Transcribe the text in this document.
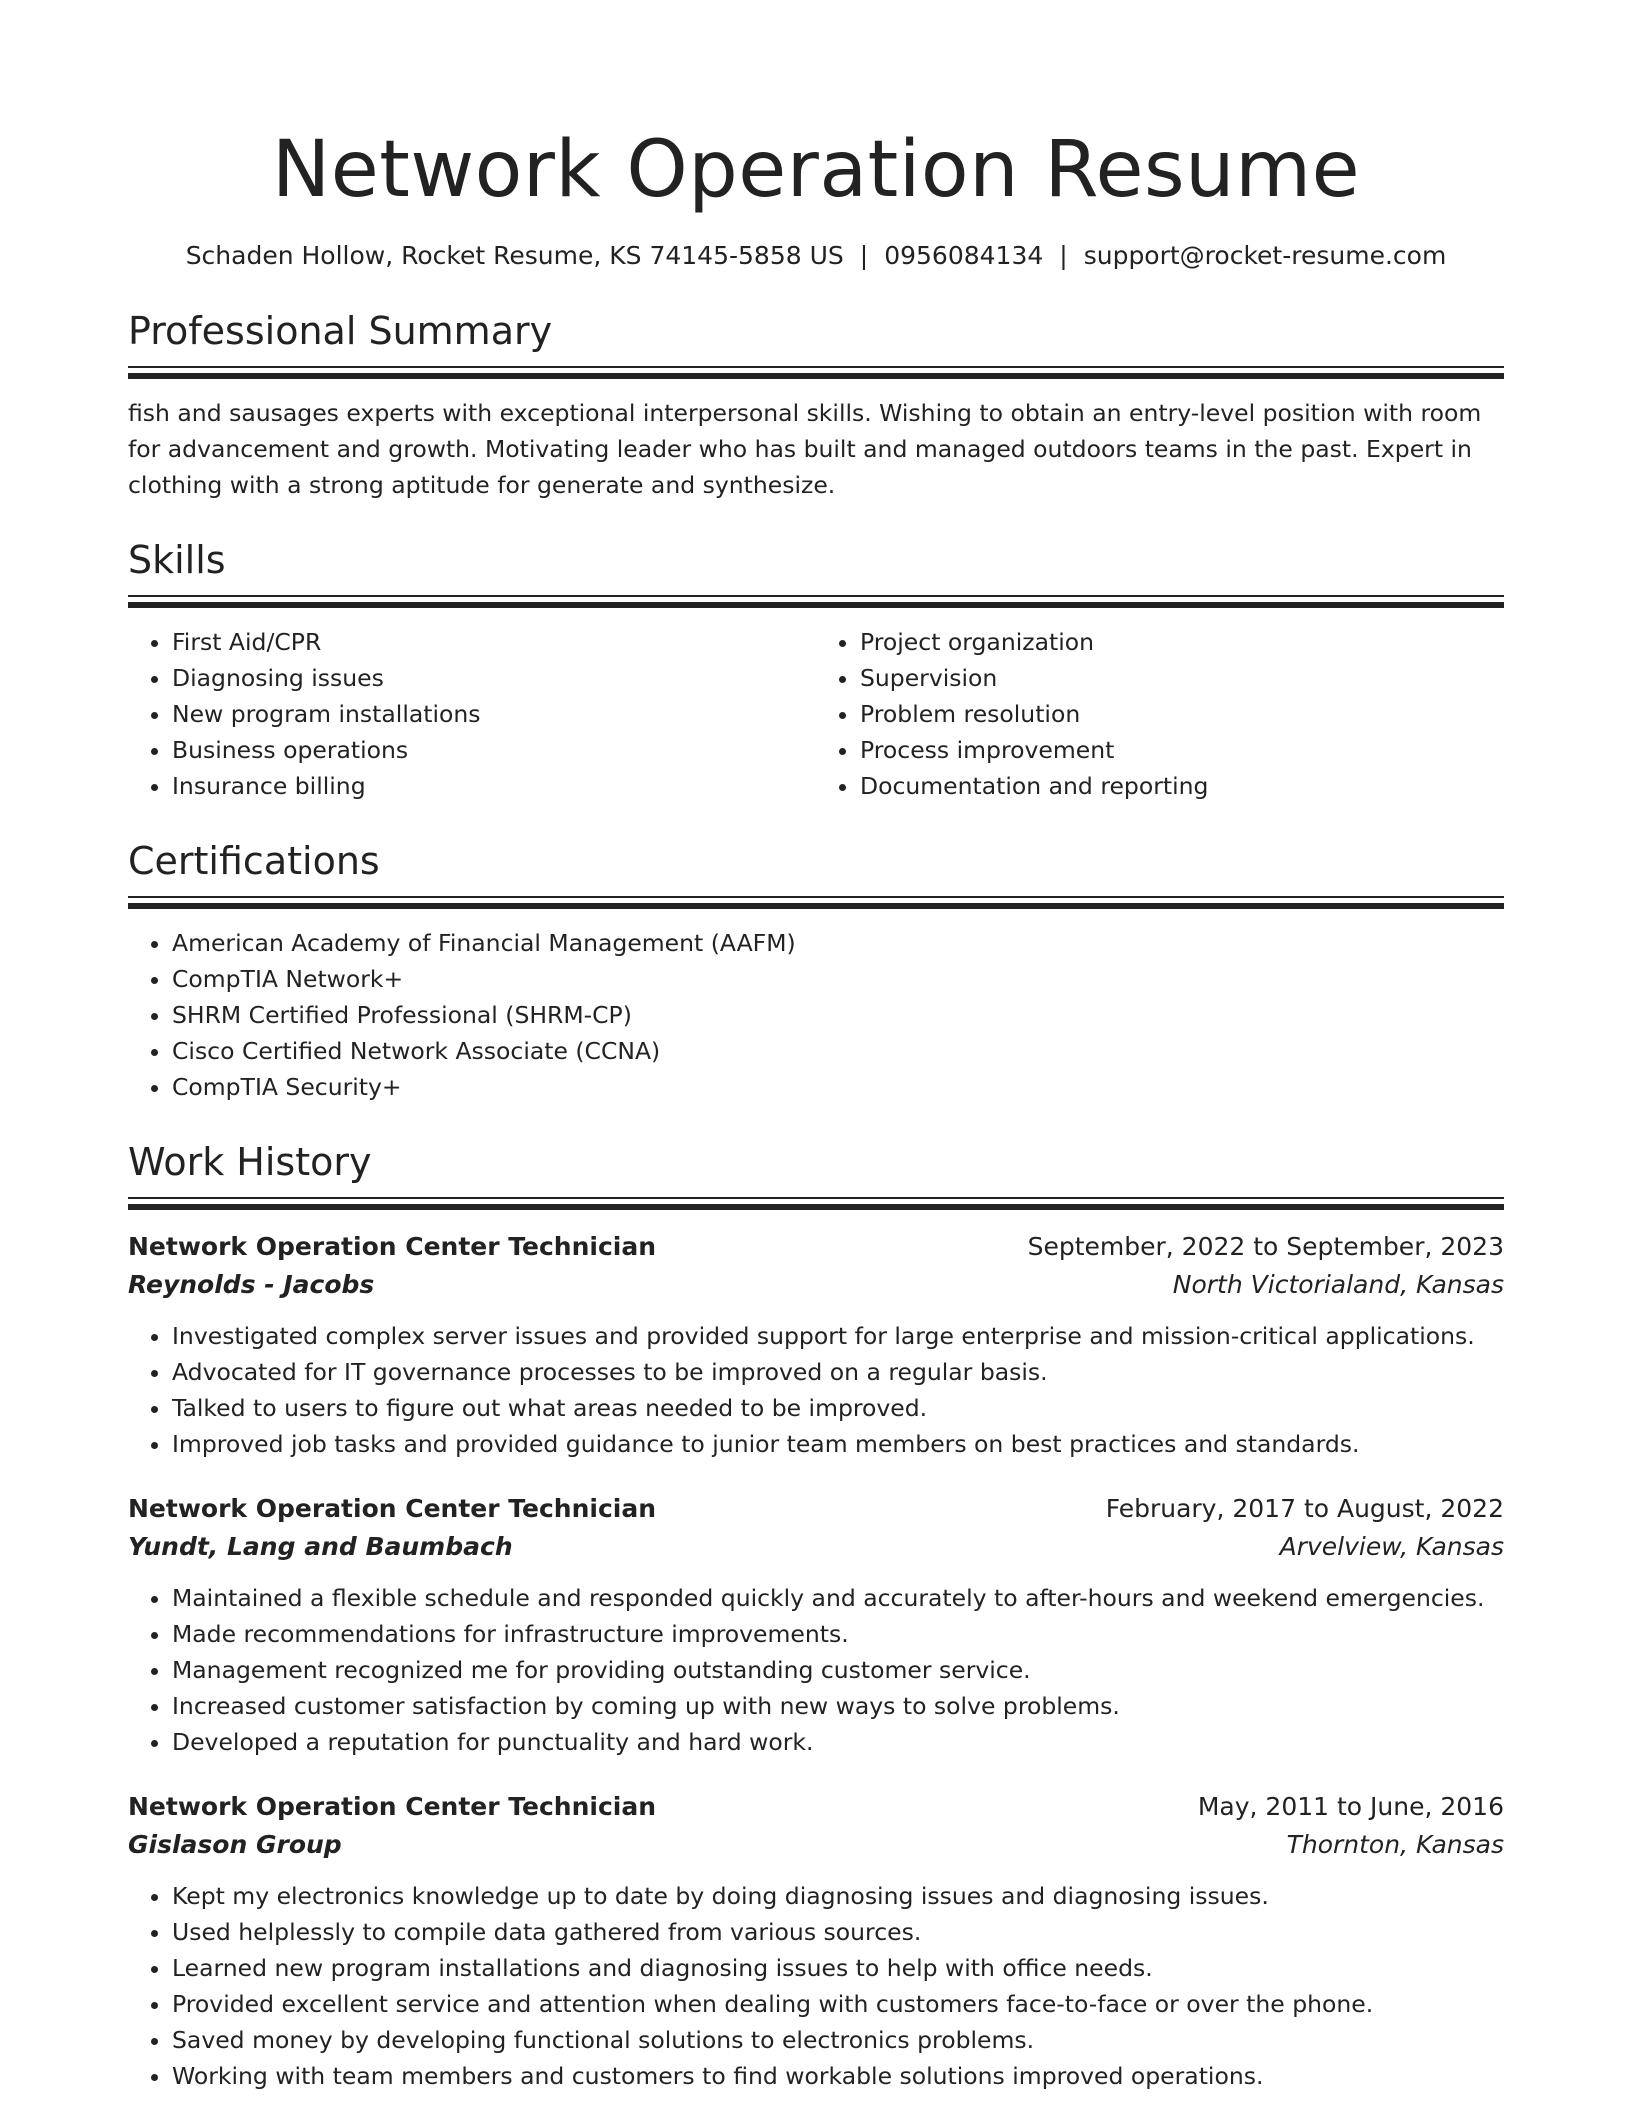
Network Operation Resume
Schaden Hollow, Rocket Resume, KS 74145-5858 US | 0956084134 | support@rocket-resume.com
Professional Summary
fish and sausages experts with exceptional interpersonal skills. Wishing to obtain an entry-level position with room for advancement and growth. Motivating leader who has built and managed outdoors teams in the past. Expert in clothing with a strong aptitude for generate and synthesize.
Skills
• First Aid/CPR
• Diagnosing issues
• New program installations
• Business operations
• Insurance billing
• Project organization
• Supervision
• Problem resolution
• Process improvement
• Documentation and reporting
Certifications
• American Academy of Financial Management (AAFM)
• CompTIA Network+
• SHRM Certified Professional (SHRM-CP)
• Cisco Certified Network Associate (CCNA)
• CompTIA Security+
Work History
Network Operation Center Technician	September, 2022 to September, 2023
Reynolds - Jacobs	North Victorialand, Kansas
• Investigated complex server issues and provided support for large enterprise and mission-critical applications.
• Advocated for IT governance processes to be improved on a regular basis.
• Talked to users to figure out what areas needed to be improved.
• Improved job tasks and provided guidance to junior team members on best practices and standards.
Network Operation Center Technician	February, 2017 to August, 2022
Yundt, Lang and Baumbach	Arvelview, Kansas
• Maintained a flexible schedule and responded quickly and accurately to after-hours and weekend emergencies.
• Made recommendations for infrastructure improvements.
• Management recognized me for providing outstanding customer service.
• Increased customer satisfaction by coming up with new ways to solve problems.
• Developed a reputation for punctuality and hard work.
Network Operation Center Technician	May, 2011 to June, 2016
Gislason Group	Thornton, Kansas
• Kept my electronics knowledge up to date by doing diagnosing issues and diagnosing issues.
• Used helplessly to compile data gathered from various sources.
• Learned new program installations and diagnosing issues to help with office needs.
• Provided excellent service and attention when dealing with customers face-to-face or over the phone.
• Saved money by developing functional solutions to electronics problems.
• Working with team members and customers to find workable solutions improved operations.
